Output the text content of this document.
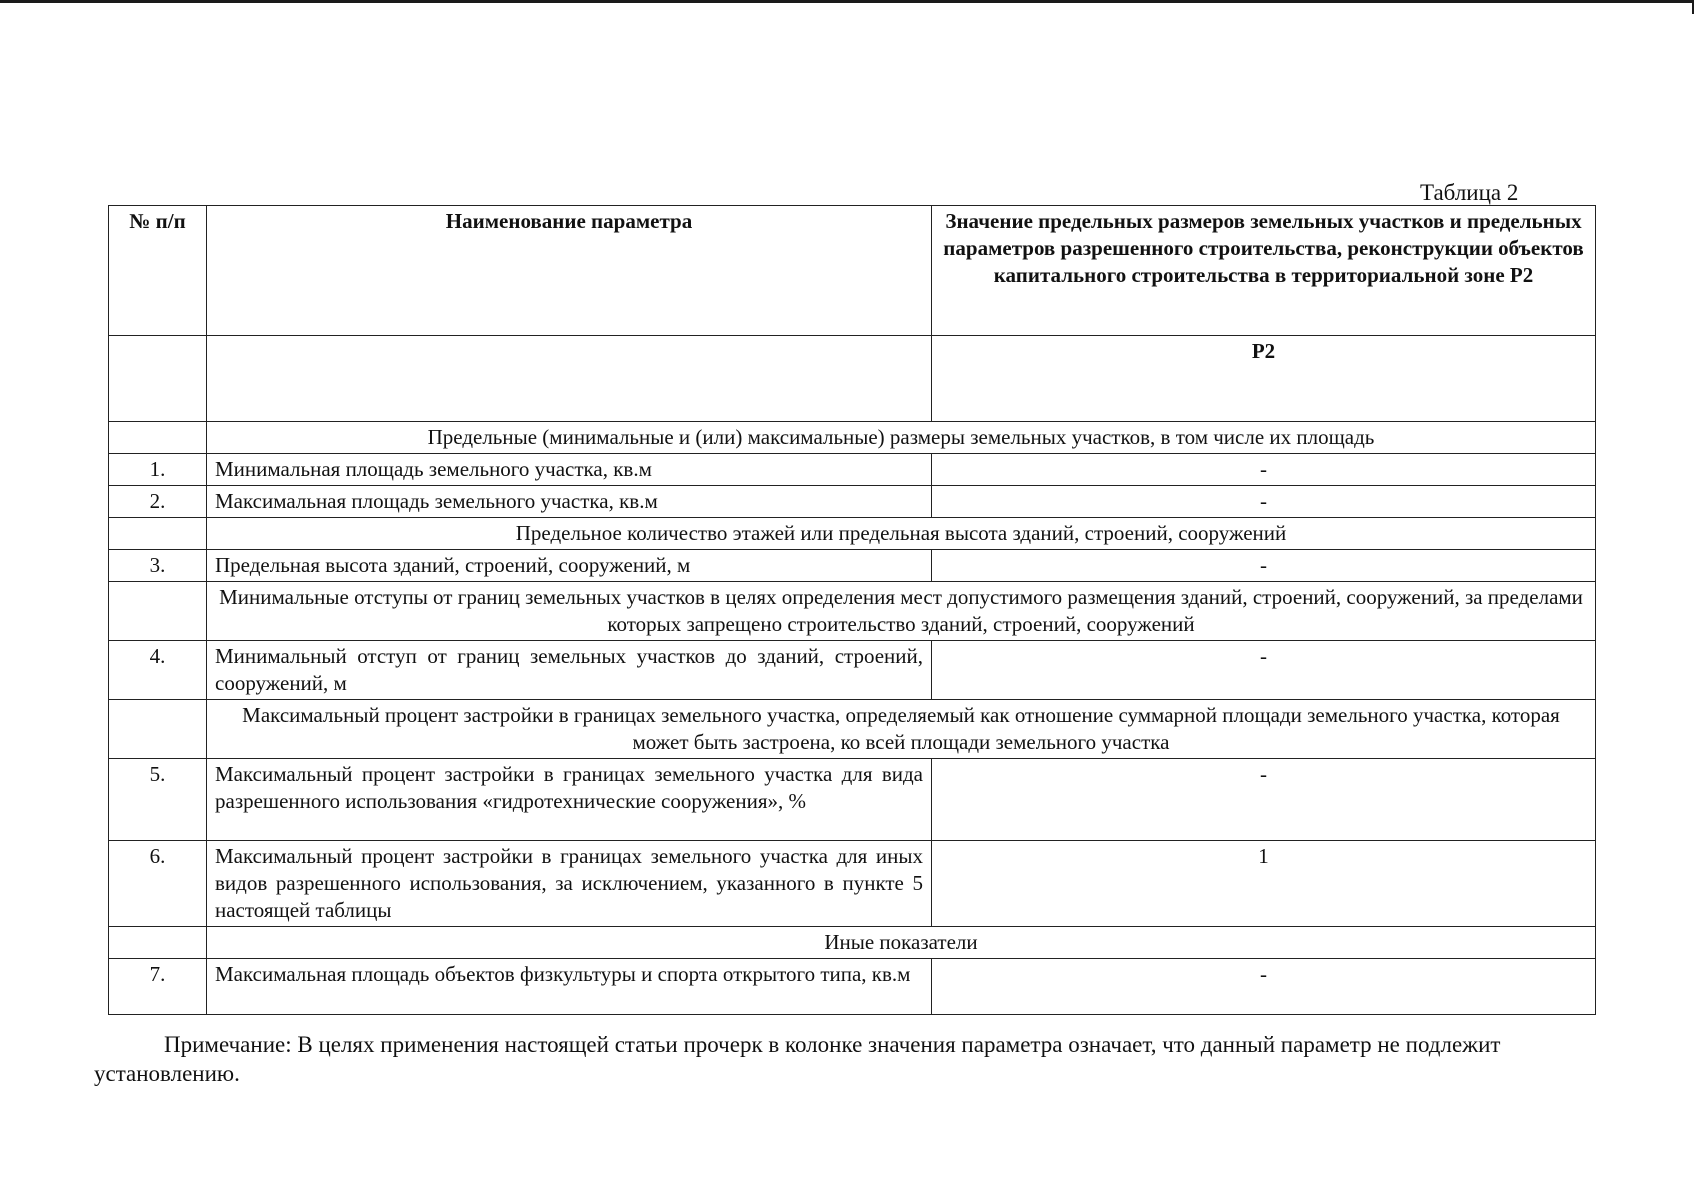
Таблица 2
№ п/п	Наименование параметра	Значение предельных размеров земельных участков и предельных параметров разрешенного строительства, реконструкции объектов капитального строительства в территориальной зоне Р2
		Р2
	Предельные (минимальные и (или) максимальные) размеры земельных участков, в том числе их площадь	
1.	Минимальная площадь земельного участка, кв.м	-
2.	Максимальная площадь земельного участка, кв.м	-
	Предельное количество этажей или предельная высота зданий, строений, сооружений	
3.	Предельная высота зданий, строений, сооружений, м	-
	Минимальные отступы от границ земельных участков в целях определения мест допустимого размещения зданий, строений, сооружений, за пределами которых запрещено строительство зданий, строений, сооружений	
4.	Минимальный отступ от границ земельных участков до зданий, строений, сооружений, м	-
	Максимальный процент застройки в границах земельного участка, определяемый как отношение суммарной площади земельного участка, которая может быть застроена, ко всей площади земельного участка	
5.	Максимальный процент застройки в границах земельного участка для вида разрешенного использования «гидротехнические сооружения», %	-
6.	Максимальный процент застройки в границах земельного участка для иных видов разрешенного использования, за исключением, указанного в пункте 5 настоящей таблицы	1
	Иные показатели	
7.	Максимальная площадь объектов физкультуры и спорта открытого типа, кв.м	-
Примечание: В целях применения настоящей статьи прочерк в колонке значения параметра означает, что данный параметр не подлежит установлению.
